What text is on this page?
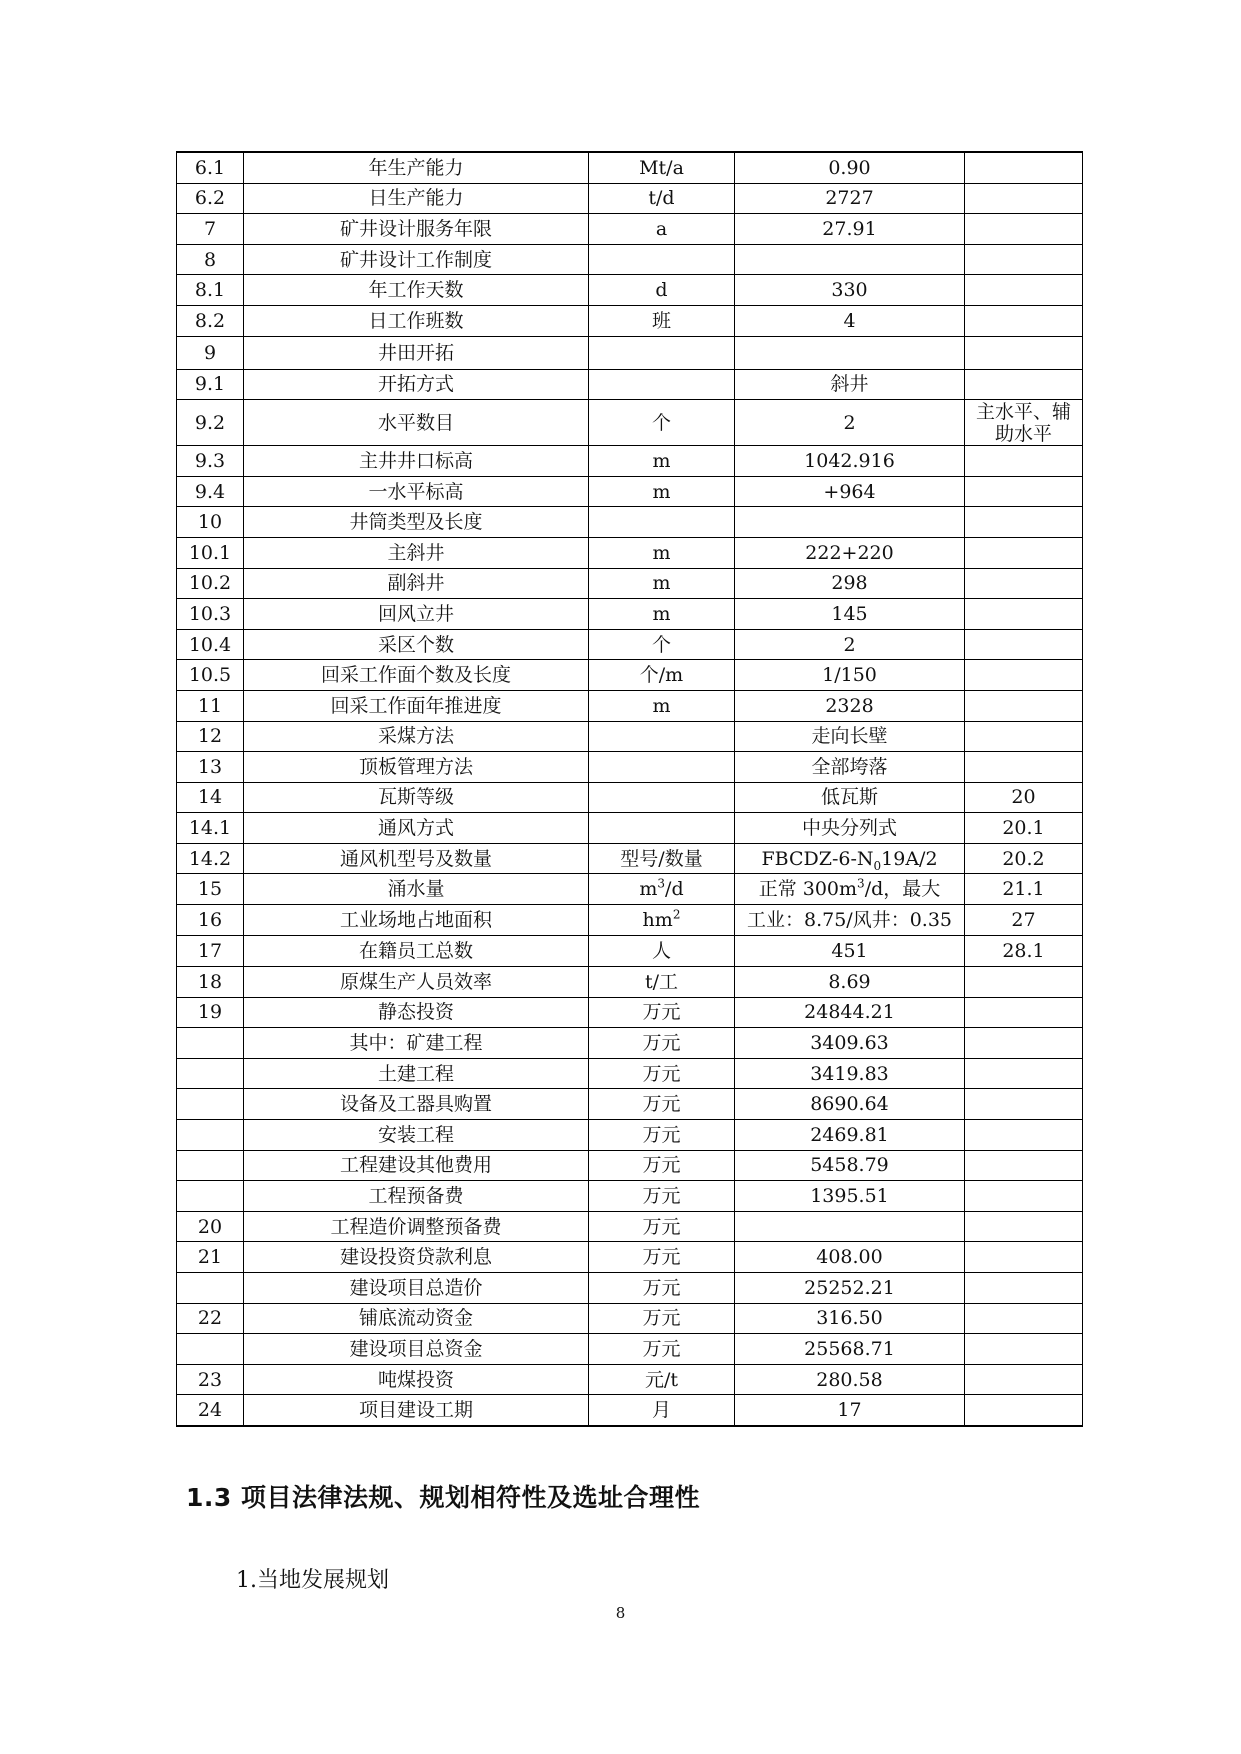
6.1	年生产能力	Mt/a	0.90	
6.2	日生产能力	t/d	2727	
7	矿井设计服务年限	a	27.91	
8	矿井设计工作制度			
8.1	年工作天数	d	330	
8.2	日工作班数	班	4	
9	井田开拓			
9.1	开拓方式		斜井	
9.2	水平数目	个	2	主水平、辅助水平
9.3	主井井口标高	m	1042.916	
9.4	一水平标高	m	+964	
10	井筒类型及长度			
10.1	主斜井	m	222+220	
10.2	副斜井	m	298	
10.3	回风立井	m	145	
10.4	采区个数	个	2	
10.5	回采工作面个数及长度	个/m	1/150	
11	回采工作面年推进度	m	2328	
12	采煤方法		走向长壁	
13	顶板管理方法		全部垮落	
14	瓦斯等级		低瓦斯	20
14.1	通风方式		中央分列式	20.1
14.2	通风机型号及数量	型号/数量	FBCDZ-$6-N_019A/2$	20.2
15	涌水量	$m^3/d$	正常 $300m^3/d$，最大	21.1
16	工业场地占地面积	$hm^2$	工业：8.75/风井：0.35	27
17	在籍员工总数	人	451	28.1
18	原煤生产人员效率	t/工	8.69	
19	静态投资	万元	24844.21	
	其中：矿建工程	万元	3409.63	
	土建工程	万元	3419.83	
	设备及工器具购置	万元	8690.64	
	安装工程	万元	2469.81	
	工程建设其他费用	万元	5458.79	
	工程预备费	万元	1395.51	
20	工程造价调整预备费	万元		
21	建设投资贷款利息	万元	408.00	
	建设项目总造价	万元	25252.21	
22	铺底流动资金	万元	316.50	
	建设项目总资金	万元	25568.71	
23	吨煤投资	元/t	280.58	
24	项目建设工期	月	17	
1.3 项目法律法规、规划相符性及选址合理性

1.当地发展规划

8
